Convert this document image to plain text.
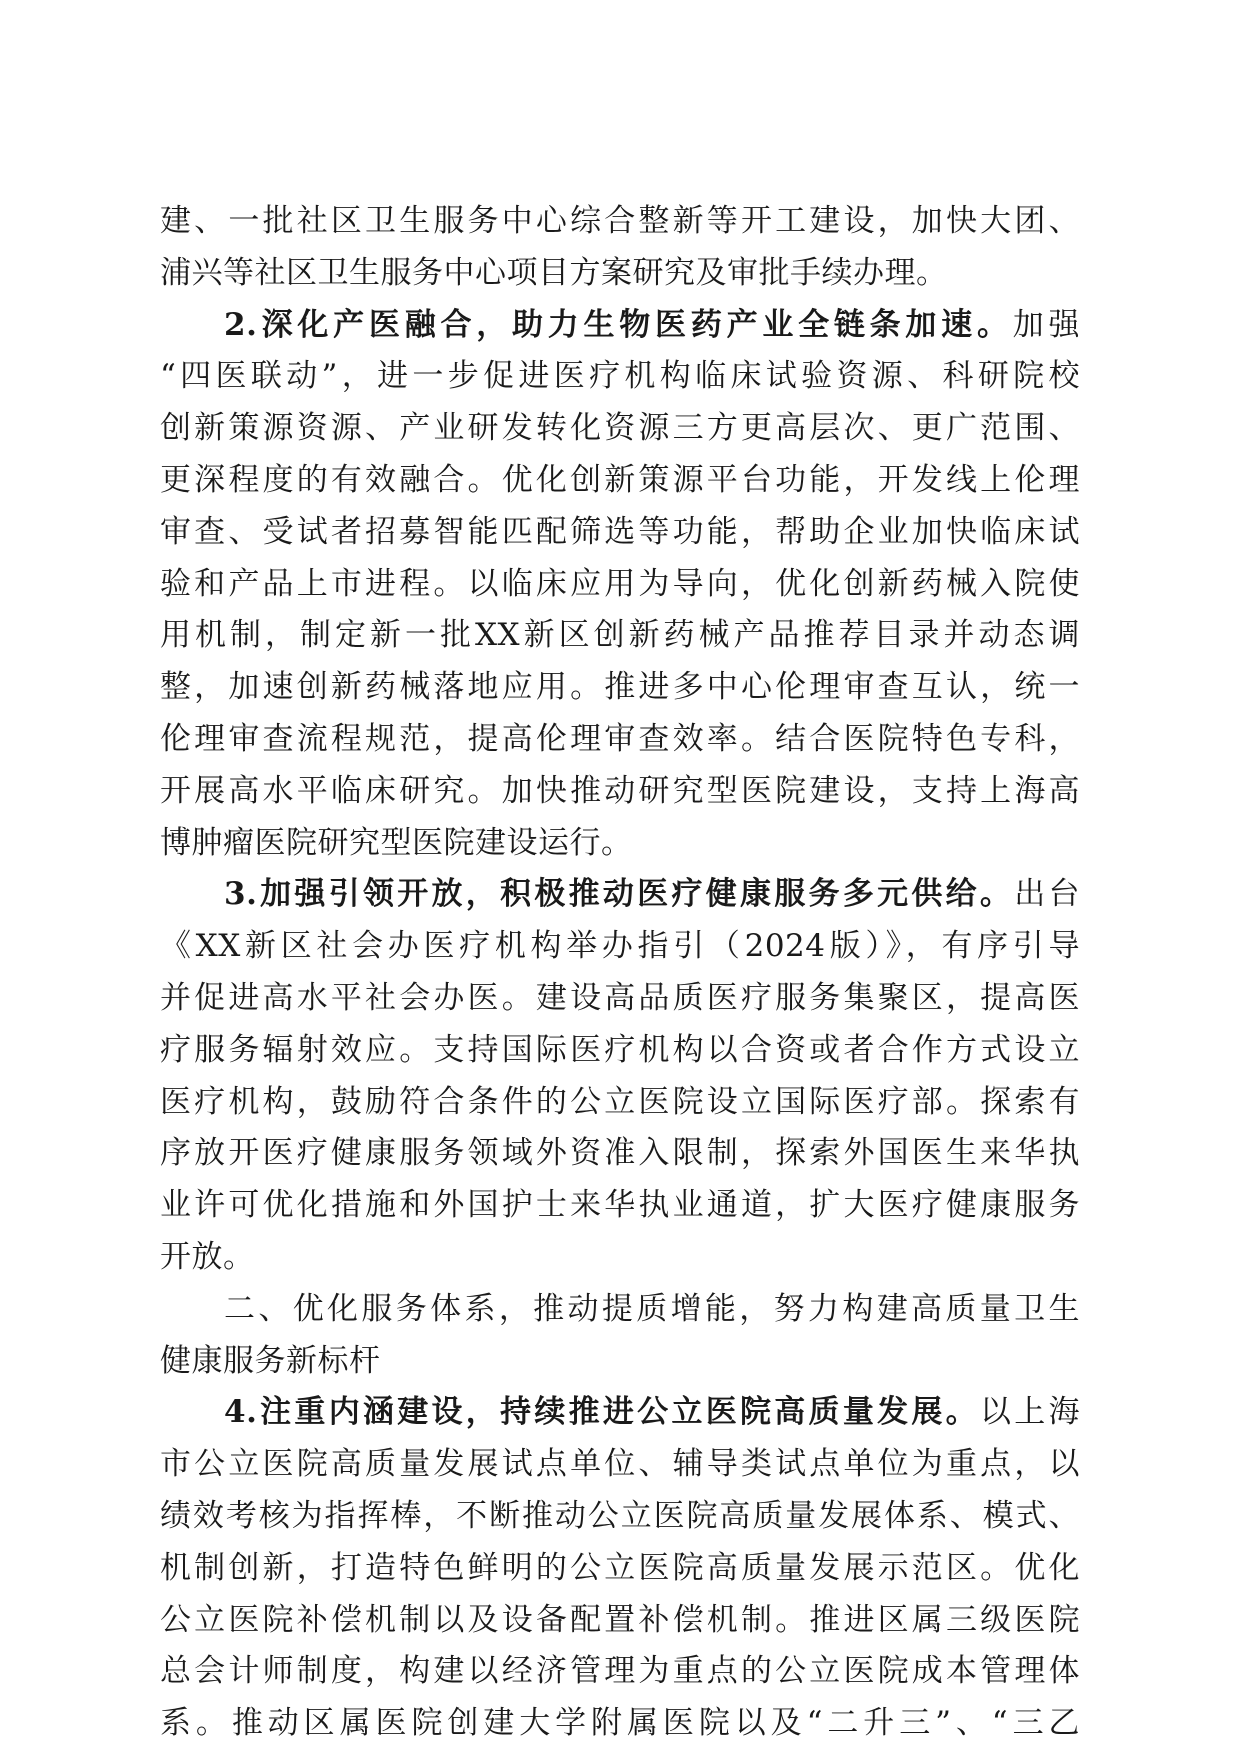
建、一批社区卫生服务中心综合整新等开工建设，加快大团、
浦兴等社区卫生服务中心项目方案研究及审批手续办理。
2.深化产医融合，助力生物医药产业全链条加速。加强
“四医联动”，进一步促进医疗机构临床试验资源、科研院校
创新策源资源、产业研发转化资源三方更高层次、更广范围、
更深程度的有效融合。优化创新策源平台功能，开发线上伦理
审查、受试者招募智能匹配筛选等功能，帮助企业加快临床试
验和产品上市进程。以临床应用为导向，优化创新药械入院使
用机制，制定新一批XX新区创新药械产品推荐目录并动态调
整，加速创新药械落地应用。推进多中心伦理审查互认，统一
伦理审查流程规范，提高伦理审查效率。结合医院特色专科，
开展高水平临床研究。加快推动研究型医院建设，支持上海高
博肿瘤医院研究型医院建设运行。
3.加强引领开放，积极推动医疗健康服务多元供给。出台
《XX新区社会办医疗机构举办指引（2024版）》，有序引导
并促进高水平社会办医。建设高品质医疗服务集聚区，提高医
疗服务辐射效应。支持国际医疗机构以合资或者合作方式设立
医疗机构，鼓励符合条件的公立医院设立国际医疗部。探索有
序放开医疗健康服务领域外资准入限制，探索外国医生来华执
业许可优化措施和外国护士来华执业通道，扩大医疗健康服务
开放。
二、优化服务体系，推动提质增能，努力构建高质量卫生
健康服务新标杆
4.注重内涵建设，持续推进公立医院高质量发展。以上海
市公立医院高质量发展试点单位、辅导类试点单位为重点，以
绩效考核为指挥棒，不断推动公立医院高质量发展体系、模式、
机制创新，打造特色鲜明的公立医院高质量发展示范区。优化
公立医院补偿机制以及设备配置补偿机制。推进区属三级医院
总会计师制度，构建以经济管理为重点的公立医院成本管理体
系。推动区属医院创建大学附属医院以及“二升三”、“三乙
